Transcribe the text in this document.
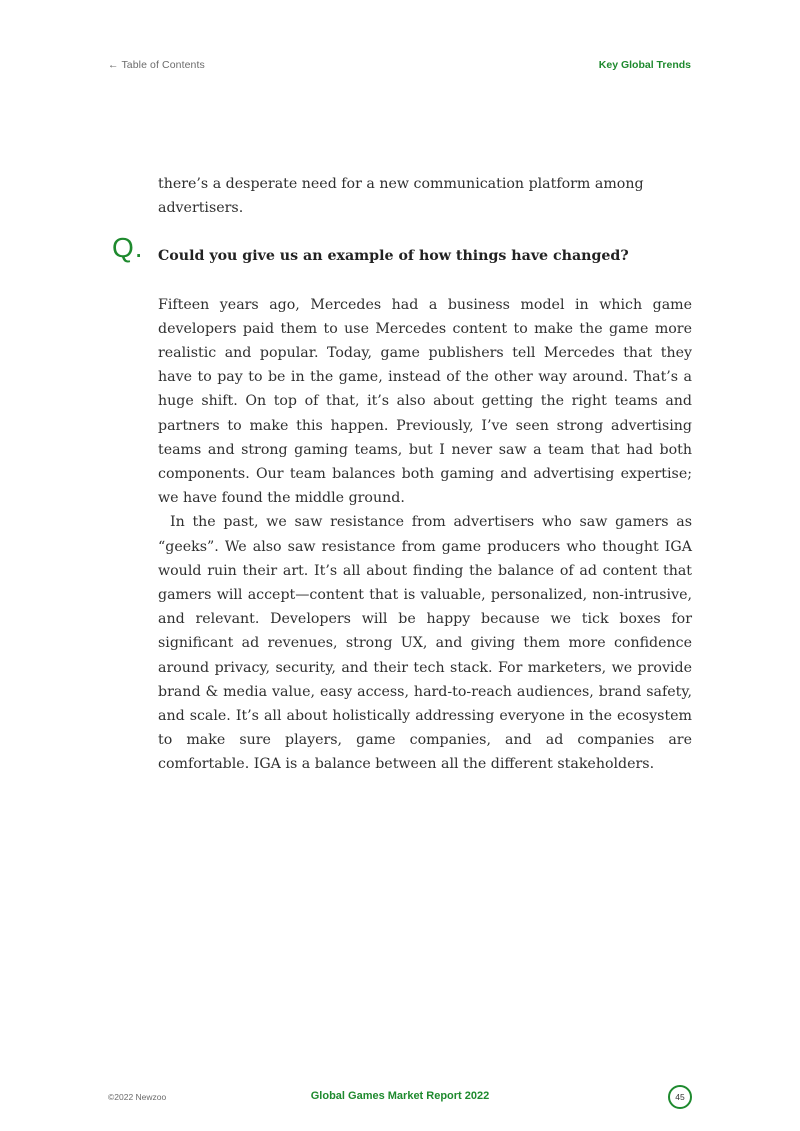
← Table of Contents	Key Global Trends

there’s a desperate need for a new communication platform among advertisers.

Q. Could you give us an example of how things have changed?

Fifteen years ago, Mercedes had a business model in which game developers paid them to use Mercedes content to make the game more realistic and popular. Today, game publishers tell Mercedes that they have to pay to be in the game, instead of the other way around. That’s a huge shift. On top of that, it’s also about getting the right teams and partners to make this happen. Previously, I’ve seen strong advertising teams and strong gaming teams, but I never saw a team that had both components. Our team balances both gaming and advertising expertise; we have found the middle ground.

In the past, we saw resistance from advertisers who saw gamers as “geeks”. We also saw resistance from game producers who thought IGA would ruin their art. It’s all about finding the balance of ad content that gamers will accept—content that is valuable, personalized, non-intrusive, and relevant. Developers will be happy because we tick boxes for significant ad revenues, strong UX, and giving them more confidence around privacy, security, and their tech stack. For marketers, we provide brand & media value, easy access, hard-to-reach audiences, brand safety, and scale. It’s all about holistically addressing everyone in the ecosystem to make sure players, game companies, and ad companies are comfortable. IGA is a balance between all the different stakeholders.

©2022 Newzoo	Global Games Market Report 2022	45
